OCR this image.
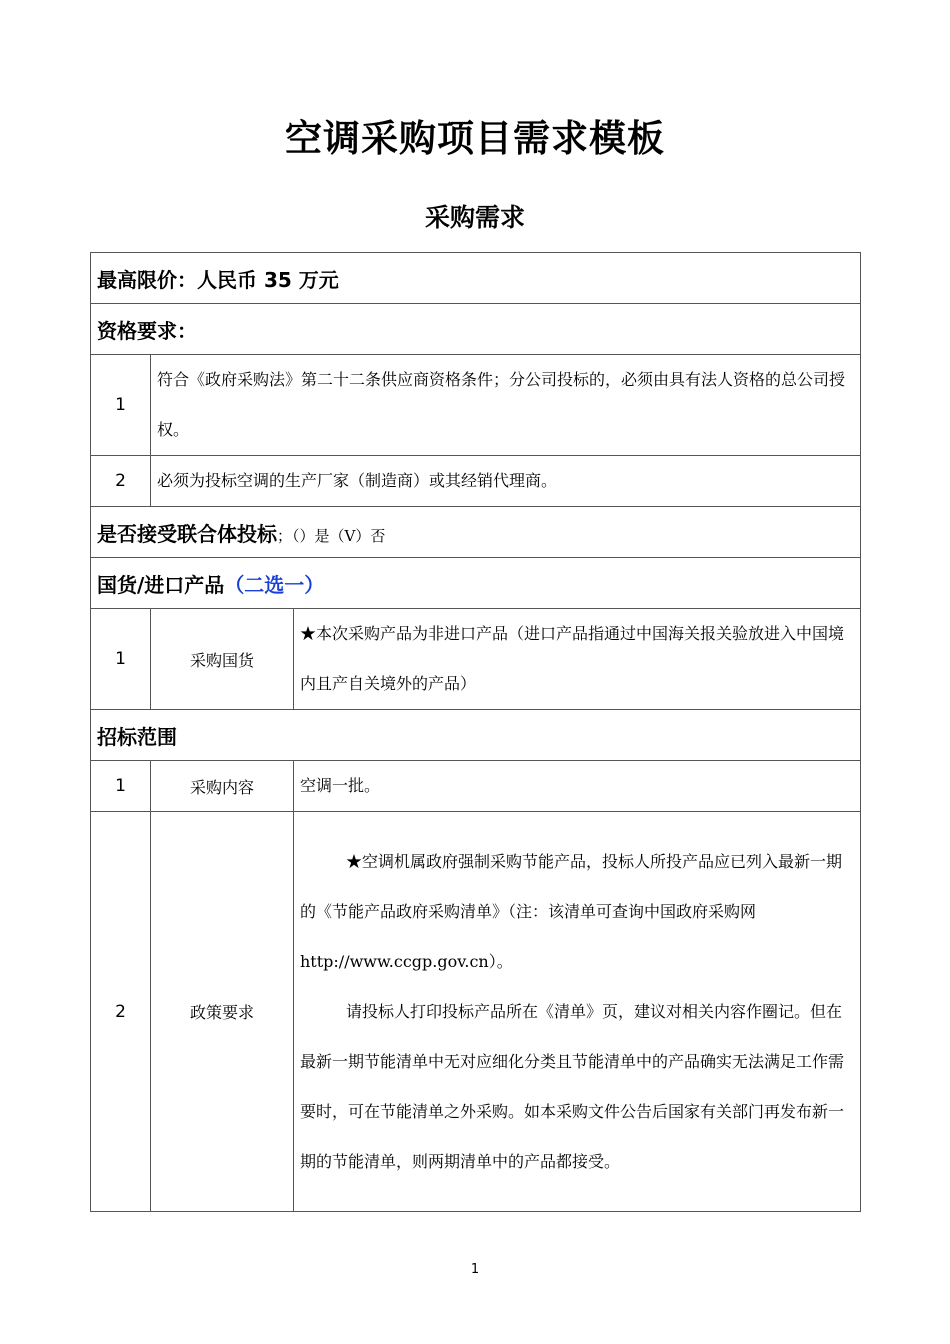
空调采购项目需求模板
采购需求
最高限价：人民币 35 万元		
资格要求：		
1	符合《政府采购法》第二十二条供应商资格条件；分公司投标的，必须由具有法人资格的总公司授权。	
2	必须为投标空调的生产厂家（制造商）或其经销代理商。	
是否接受联合体投标；（）是（V）否		
国货/进口产品（二选一）		
1	采购国货	★本次采购产品为非进口产品（进口产品指通过中国海关报关验放进入中国境内且产自关境外的产品）
招标范围		
1	采购内容	空调一批。
2	政策要求	★空调机属政府强制采购节能产品，投标人所投产品应已列入最新一期的《节能产品政府采购清单》（注：该清单可查询中国政府采购网 http://www.ccgp.gov.cn）。

请投标人打印投标产品所在《清单》页，建议对相关内容作圈记。但在最新一期节能清单中无对应细化分类且节能清单中的产品确实无法满足工作需要时，可在节能清单之外采购。如本采购文件公告后国家有关部门再发布新一期的节能清单，则两期清单中的产品都接受。

1
